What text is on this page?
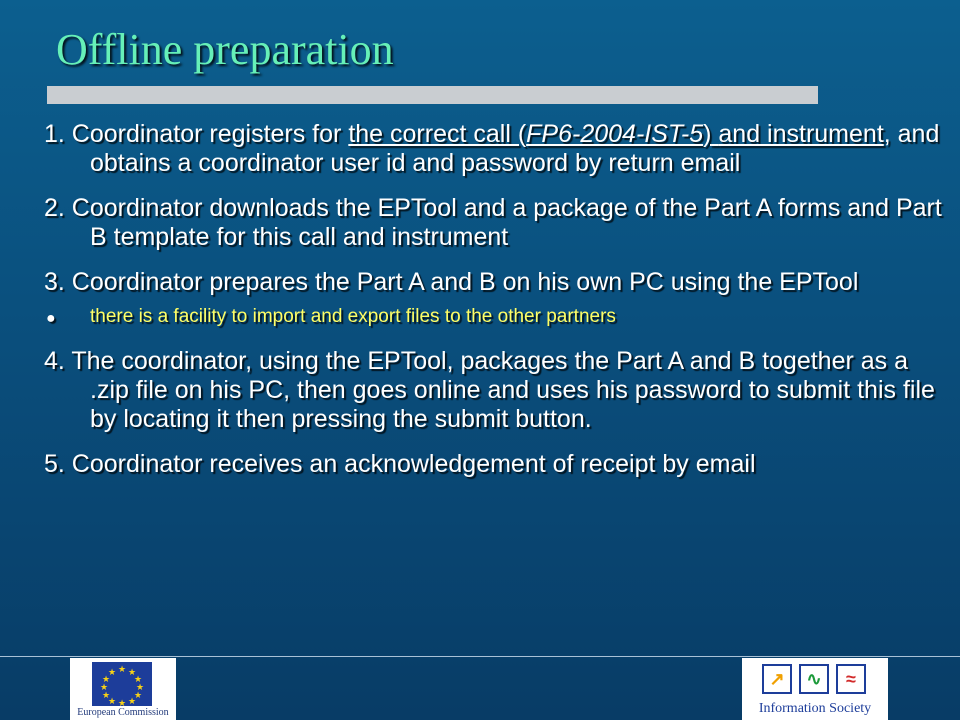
Offline preparation

1. Coordinator registers for the correct call (FP6-2004-IST-5) and instrument, and obtains a coordinator user id and password by return email

2. Coordinator downloads the EPTool and a package of the Part A forms and Part B template for this call and instrument

3. Coordinator prepares the Part A and B on his own PC using the EPTool

● there is a facility to import and export files to the other partners

4. The coordinator, using the EPTool, packages the Part A and B together as a .zip file on his PC, then goes online and uses his password to submit this file by locating it then pressing the submit button.

5. Coordinator receives an acknowledgement of receipt by email

★ ★
★
★
★
★
★
★
★
★
★
★
European Commission
↗	∿	≈
Information Society
